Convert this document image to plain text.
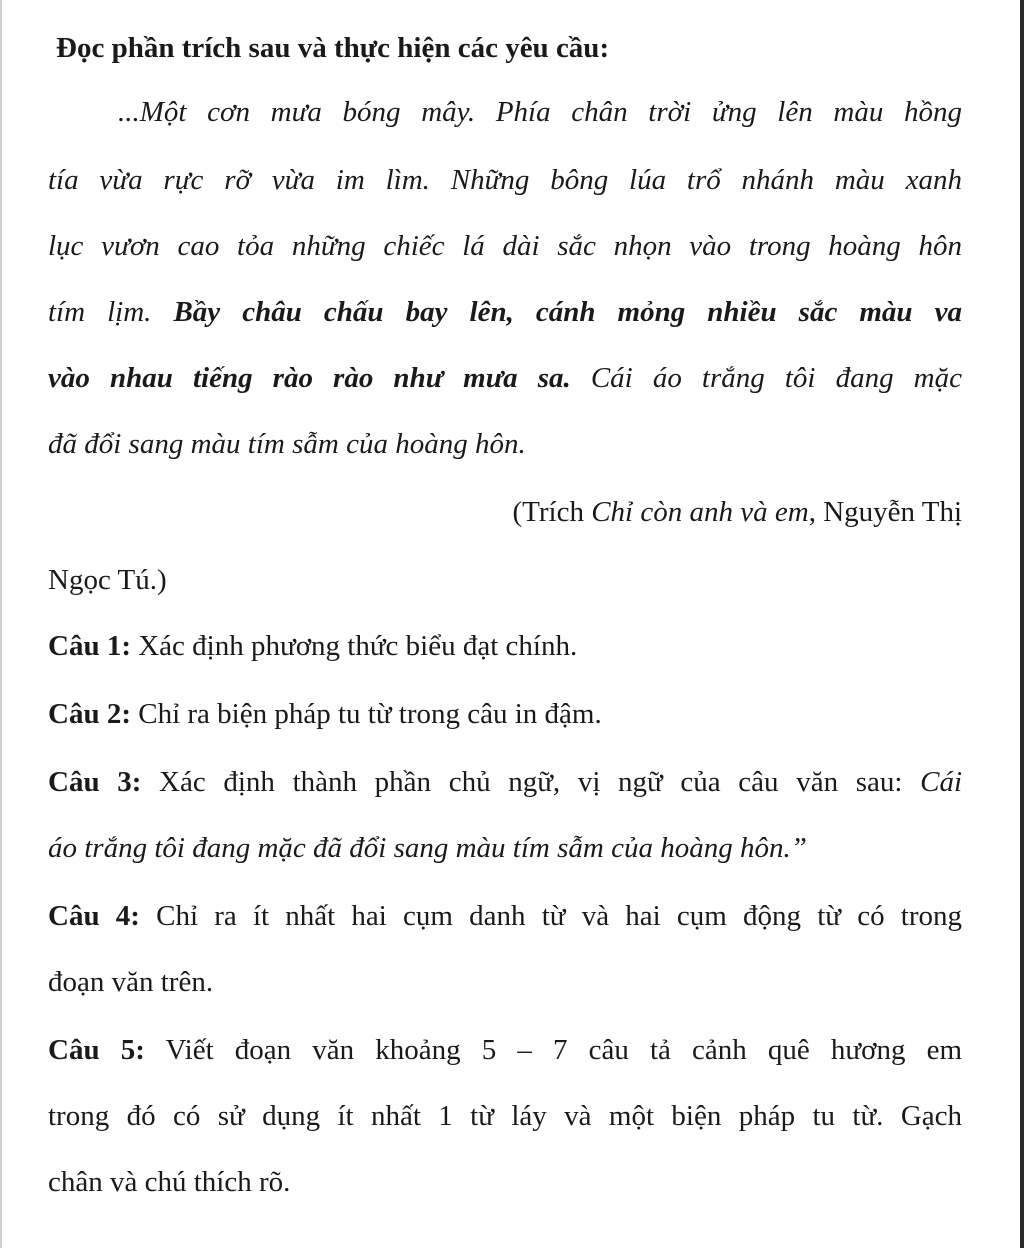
Đọc phần trích sau và thực hiện các yêu cầu:
...Một cơn mưa bóng mây. Phía chân trời ửng lên màu hồng
tía vừa rực rỡ vừa im lìm. Những bông lúa trổ nhánh màu xanh
lục vươn cao tỏa những chiếc lá dài sắc nhọn vào trong hoàng hôn
tím lịm. Bầy châu chấu bay lên, cánh mỏng nhiều sắc màu va
vào nhau tiếng rào rào như mưa sa. Cái áo trắng tôi đang mặc
đã đổi sang màu tím sẫm của hoàng hôn.
(Trích Chỉ còn anh và em, Nguyễn Thị
Ngọc Tú.)
Câu 1: Xác định phương thức biểu đạt chính.
Câu 2: Chỉ ra biện pháp tu từ trong câu in đậm.
Câu 3: Xác định thành phần chủ ngữ, vị ngữ của câu văn sau: Cái
áo trắng tôi đang mặc đã đổi sang màu tím sẫm của hoàng hôn.”
Câu 4: Chỉ ra ít nhất hai cụm danh từ và hai cụm động từ có trong
đoạn văn trên.
Câu 5: Viết đoạn văn khoảng 5 – 7 câu tả cảnh quê hương em
trong đó có sử dụng ít nhất 1 từ láy và một biện pháp tu từ. Gạch
chân và chú thích rõ.
